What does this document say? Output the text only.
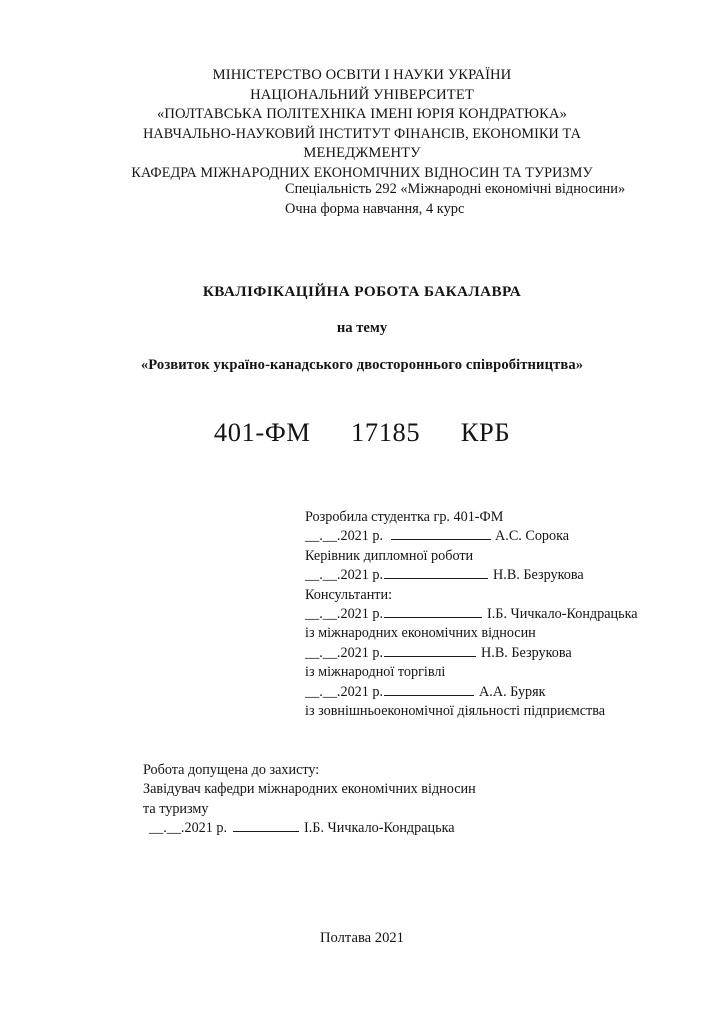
МІНІСТЕРСТВО ОСВІТИ І НАУКИ УКРАЇНИ
НАЦІОНАЛЬНИЙ УНІВЕРСИТЕТ
«ПОЛТАВСЬКА ПОЛІТЕХНІКА ІМЕНІ ЮРІЯ КОНДРАТЮКА»
НАВЧАЛЬНО-НАУКОВИЙ ІНСТИТУТ ФІНАНСІВ, ЕКОНОМІКИ ТА
МЕНЕДЖМЕНТУ
КАФЕДРА МІЖНАРОДНИХ ЕКОНОМІЧНИХ ВІДНОСИН ТА ТУРИЗМУ
Спеціальність 292 «Міжнародні економічні відносини»
Очна форма навчання, 4 курс
КВАЛІФІКАЦІЙНА РОБОТА БАКАЛАВРА
на тему
«Розвиток україно-канадського двостороннього співробітництва»
401-ФМ 17185 КРБ
Розробила студентка гр. 401-ФМ
__.__.2021 р.	А.С. Сорока
Керівник дипломної роботи
__.__.2021 р.	Н.В. Безрукова
Консультанти:
__.__.2021 р.	І.Б. Чичкало-Кондрацька
із міжнародних економічних відносин
__.__.2021 р.	Н.В. Безрукова
із міжнародної торгівлі
__.__.2021 р.	А.А. Буряк
із зовнішньоекономічної діяльності підприємства
Робота допущена до захисту:
Завідувач кафедри міжнародних економічних відносин
та туризму
__.__.2021 р.	І.Б. Чичкало-Кондрацька
Полтава 2021
